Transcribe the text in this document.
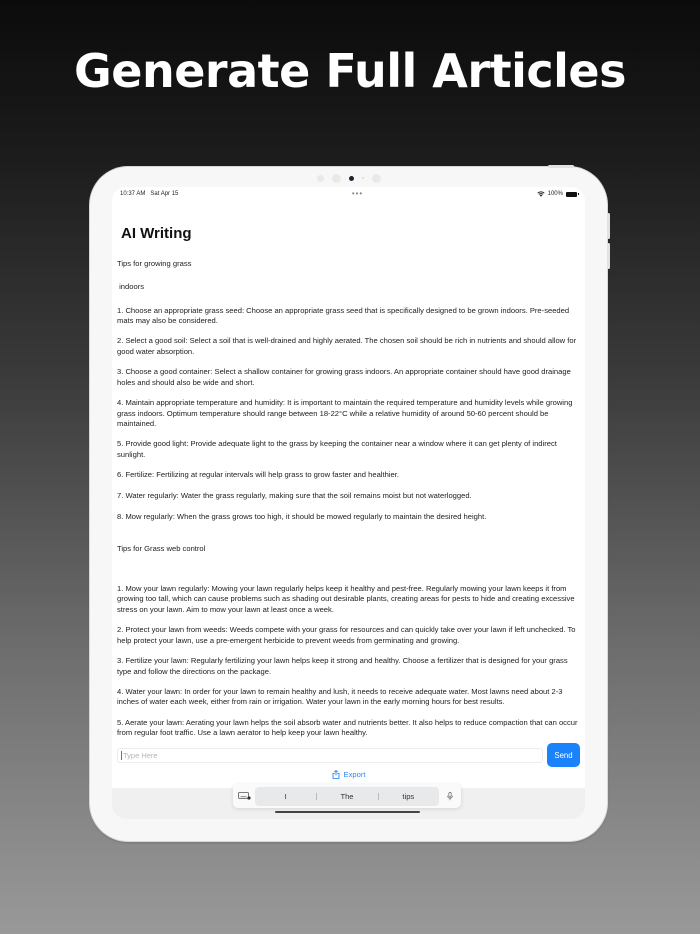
Generate Full Articles
10:37 AM Sat Apr 15	•••	100%
AI Writing

Tips for growing grass

indoors

1. Choose an appropriate grass seed: Choose an appropriate grass seed that is specifically designed to be grown indoors. Pre-seeded mats may also be considered.

2. Select a good soil: Select a soil that is well-drained and highly aerated. The chosen soil should be rich in nutrients and should allow for good water absorption.

3. Choose a good container: Select a shallow container for growing grass indoors. An appropriate container should have good drainage holes and should also be wide and short.

4. Maintain appropriate temperature and humidity: It is important to maintain the required temperature and humidity levels while growing grass indoors. Optimum temperature should range between 18-22°C while a relative humidity of around 50-60 percent should be maintained.

5. Provide good light: Provide adequate light to the grass by keeping the container near a window where it can get plenty of indirect sunlight.

6. Fertilize: Fertilizing at regular intervals will help grass to grow faster and healthier.

7. Water regularly: Water the grass regularly, making sure that the soil remains moist but not waterlogged.

8. Mow regularly: When the grass grows too high, it should be mowed regularly to maintain the desired height.

Tips for Grass web control

1. Mow your lawn regularly: Mowing your lawn regularly helps keep it healthy and pest-free. Regularly mowing your lawn keeps it from growing too tall, which can cause problems such as shading out desirable plants, creating areas for pests to hide and creating excessive stress on your lawn. Aim to mow your lawn at least once a week.

2. Protect your lawn from weeds: Weeds compete with your grass for resources and can quickly take over your lawn if left unchecked. To help protect your lawn, use a pre-emergent herbicide to prevent weeds from germinating and growing.

3. Fertilize your lawn: Regularly fertilizing your lawn helps keep it strong and healthy. Choose a fertilizer that is designed for your grass type and follow the directions on the package.

4. Water your lawn: In order for your lawn to remain healthy and lush, it needs to receive adequate water. Most lawns need about 2-3 inches of water each week, either from rain or irrigation. Water your lawn in the early morning hours for best results.

5. Aerate your lawn: Aerating your lawn helps the soil absorb water and nutrients better. It also helps to reduce compaction that can occur from regular foot traffic. Use a lawn aerator to help keep your lawn healthy.

Type Here	Send
Export
I	The	tips
